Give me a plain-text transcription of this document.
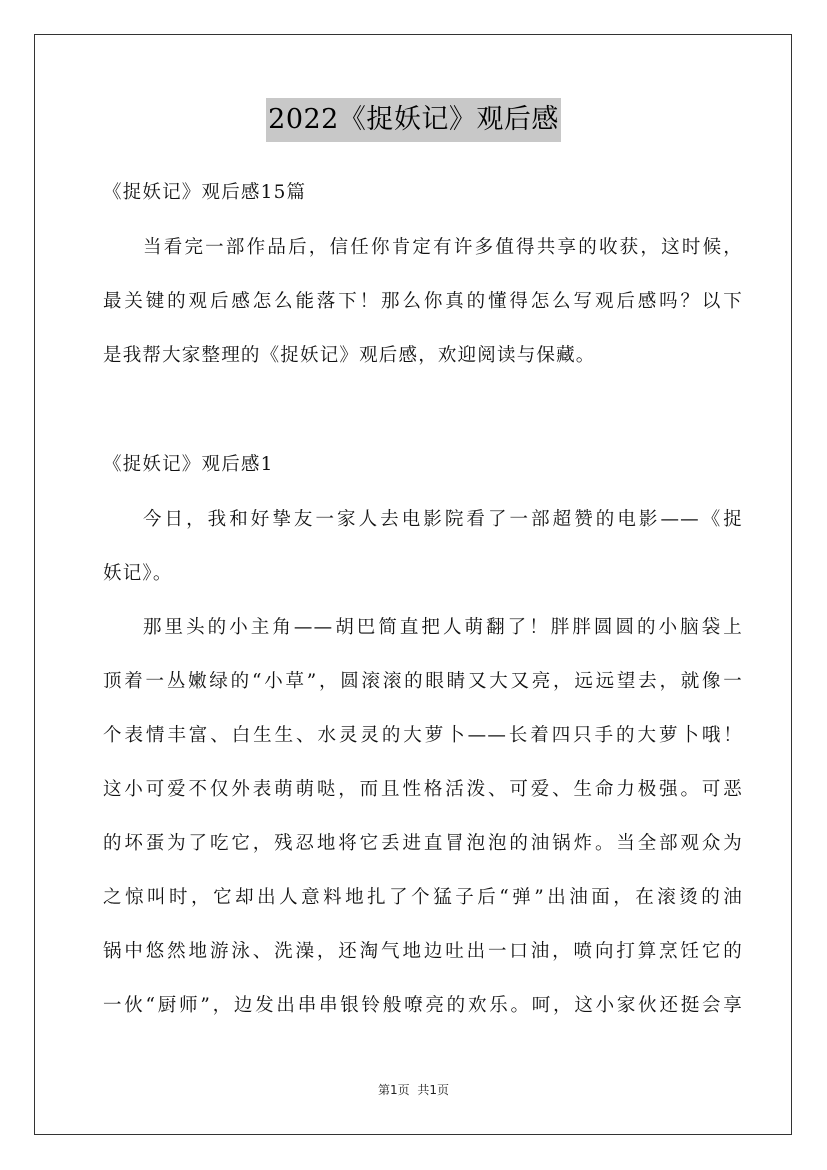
2022《捉妖记》观后感
《捉妖记》观后感15篇
当看完一部作品后，信任你肯定有许多值得共享的收获，这时候，
最关键的观后感怎么能落下！那么你真的懂得怎么写观后感吗？以下
是我帮大家整理的《捉妖记》观后感，欢迎阅读与保藏。
《捉妖记》观后感1
今日，我和好挚友一家人去电影院看了一部超赞的电影——《捉
妖记》。
那里头的小主角——胡巴简直把人萌翻了！胖胖圆圆的小脑袋上
顶着一丛嫩绿的“小草”，圆滚滚的眼睛又大又亮，远远望去，就像一
个表情丰富、白生生、水灵灵的大萝卜——长着四只手的大萝卜哦！
这小可爱不仅外表萌萌哒，而且性格活泼、可爱、生命力极强。可恶
的坏蛋为了吃它，残忍地将它丢进直冒泡泡的油锅炸。当全部观众为
之惊叫时，它却出人意料地扎了个猛子后“弹”出油面，在滚烫的油
锅中悠然地游泳、洗澡，还淘气地边吐出一口油，喷向打算烹饪它的
一伙“厨师”，边发出串串银铃般嘹亮的欢乐。呵，这小家伙还挺会享
第1页 共1页
